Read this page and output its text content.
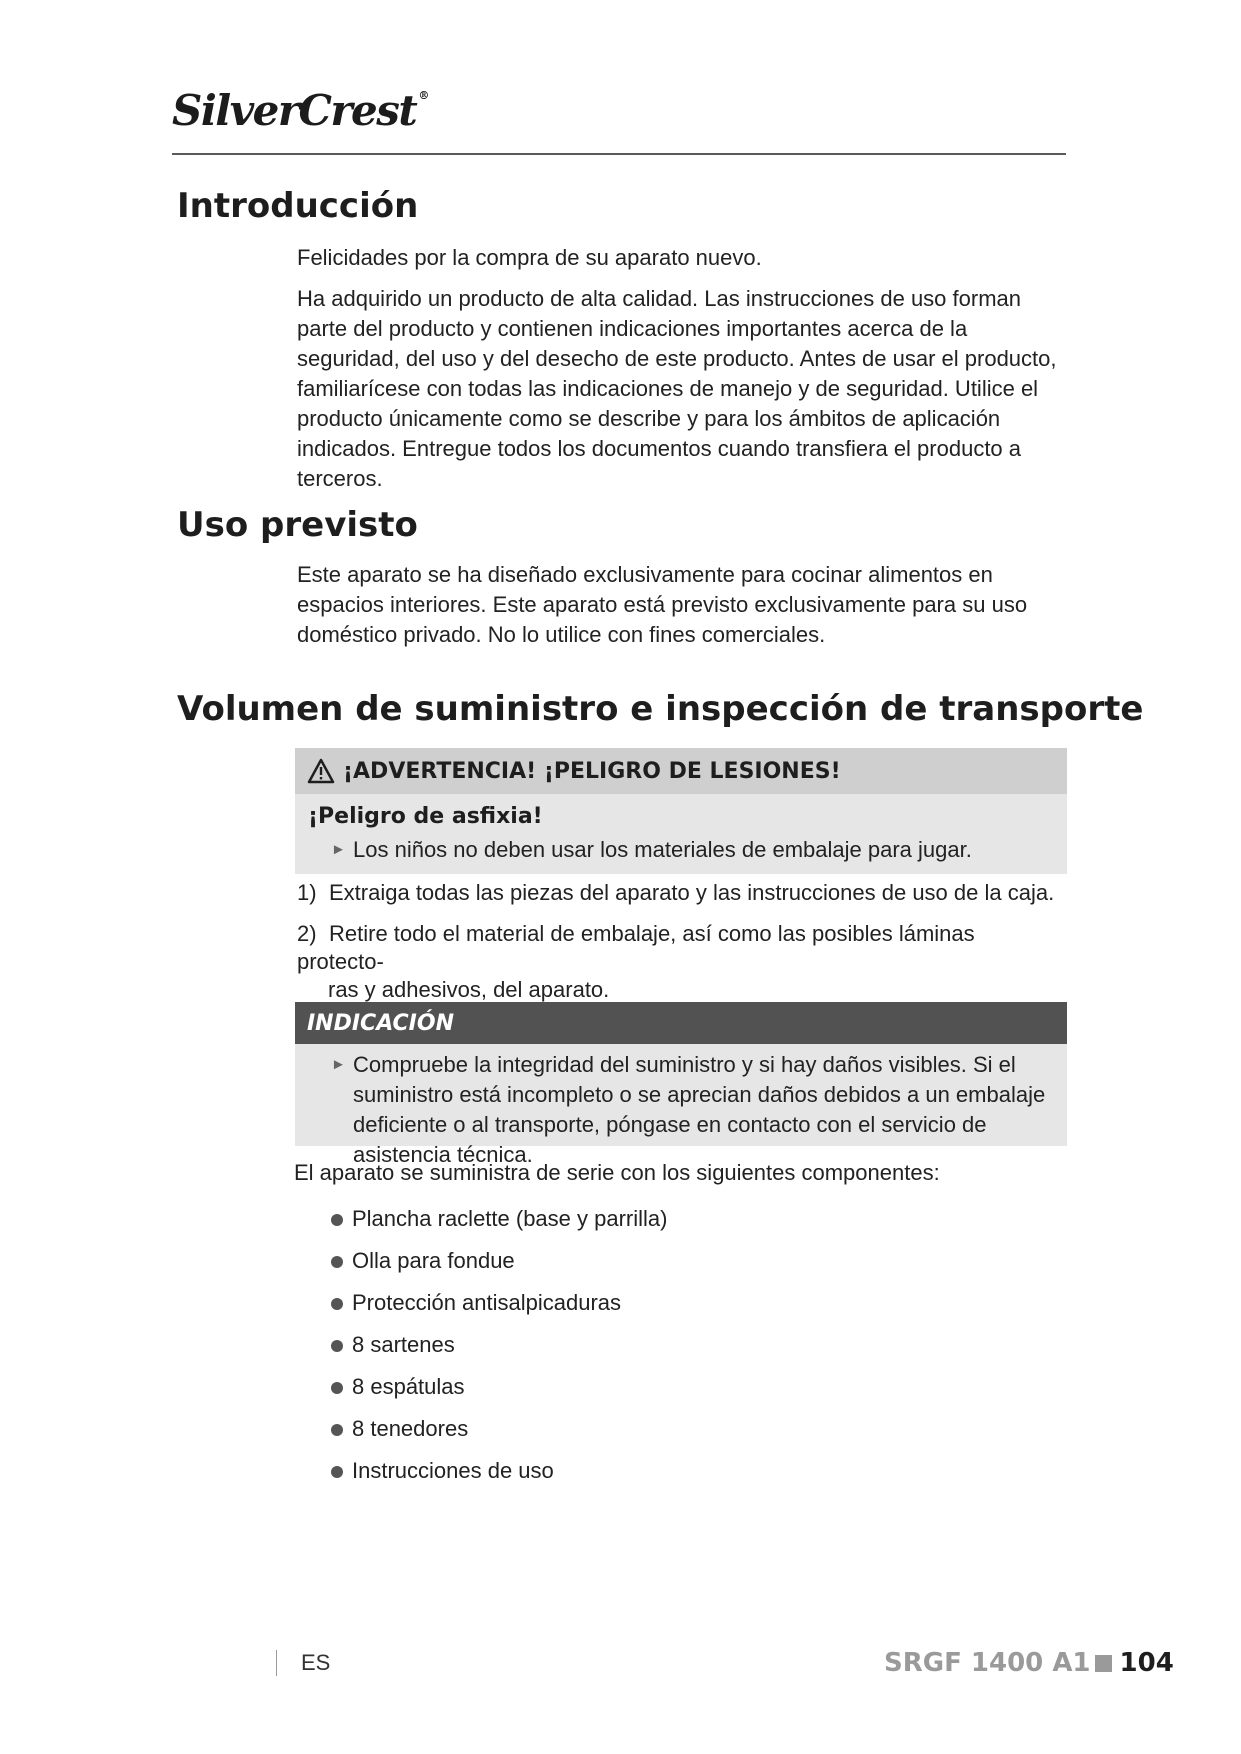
SilverCrest ®
Introducción

Felicidades por la compra de su aparato nuevo.

Ha adquirido un producto de alta calidad. Las instrucciones de uso forman parte del producto y contienen indicaciones importantes acerca de la seguridad, del uso y del desecho de este producto. Antes de usar el producto, familiarícese con todas las indicaciones de manejo y de seguridad. Utilice el producto únicamente como se describe y para los ámbitos de aplicación indicados. Entregue todos los documentos cuando transfiera el producto a terceros.

Uso previsto

Este aparato se ha diseñado exclusivamente para cocinar alimentos en espacios interiores. Este aparato está previsto exclusivamente para su uso doméstico privado. No lo utilice con fines comerciales.

Volumen de suministro e inspección de transporte
¡ADVERTENCIA! ¡PELIGRO DE LESIONES!
¡Peligro de asfixia!
► Los niños no deben usar los materiales de embalaje para jugar.
1) Extraiga todas las piezas del aparato y las instrucciones de uso de la caja.
2) Retire todo el material de embalaje, así como las posibles láminas protecto-
ras y adhesivos, del aparato.
INDICACIÓN
► Compruebe la integridad del suministro y si hay daños visibles. Si el suministro está incompleto o se aprecian daños debidos a un embalaje deficiente o al transporte, póngase en contacto con el servicio de asistencia técnica.

El aparato se suministra de serie con los siguientes componentes:

Plancha raclette (base y parrilla)
Olla para fondue
Protección antisalpicaduras
8 sartenes
8 espátulas
8 tenedores
Instrucciones de uso
ES	SRGF 1400 A1 104
